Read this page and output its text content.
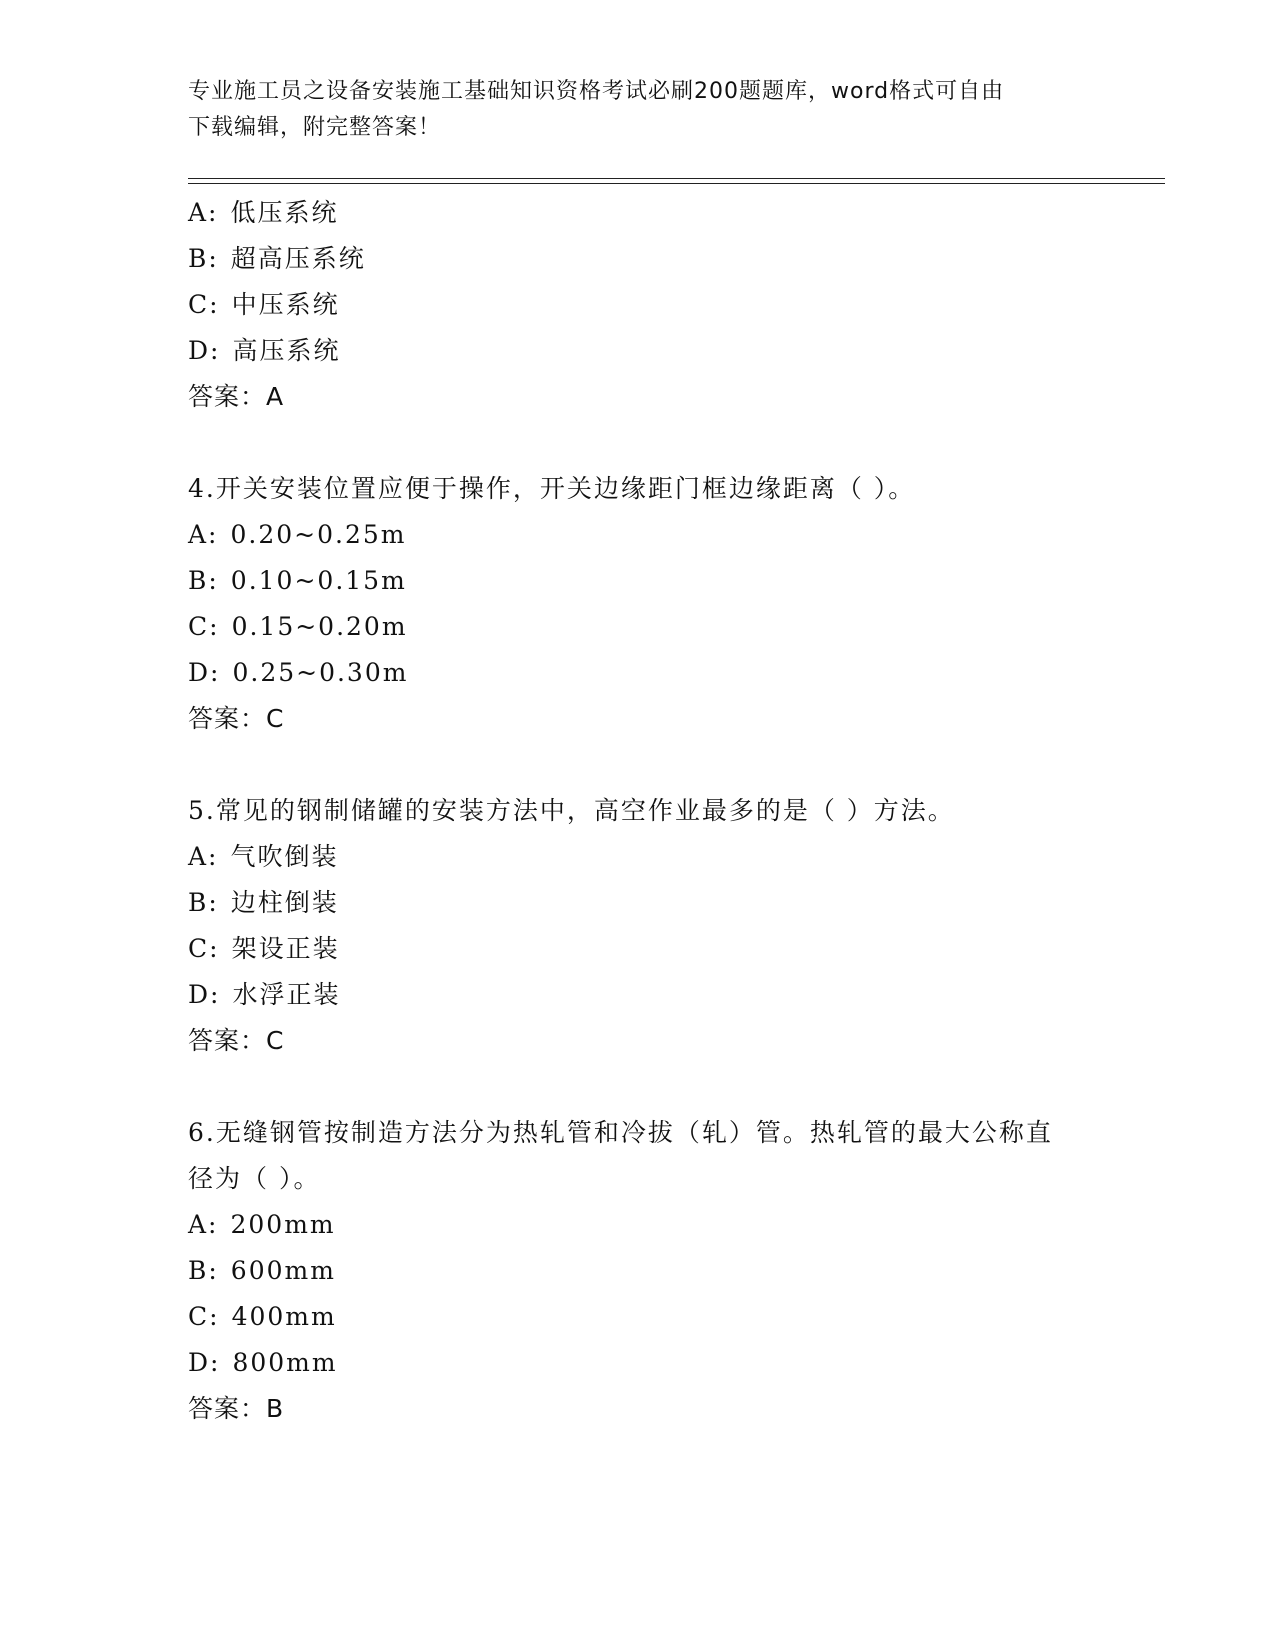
专业施工员之设备安装施工基础知识资格考试必刷200题题库，word格式可自由
下载编辑，附完整答案！
A: 低压系统
B: 超高压系统
C: 中压系统
D: 高压系统
答案：A
4.开关安装位置应便于操作，开关边缘距门框边缘距离（ ）。
A: 0.20~0.25m
B: 0.10~0.15m
C: 0.15~0.20m
D: 0.25~0.30m
答案：C
5.常见的钢制储罐的安装方法中，高空作业最多的是（ ）方法。
A: 气吹倒装
B: 边柱倒装
C: 架设正装
D: 水浮正装
答案：C
6.无缝钢管按制造方法分为热轧管和冷拔（轧）管。热轧管的最大公称直径为（ ）。
A: 200mm
B: 600mm
C: 400mm
D: 800mm
答案：B
